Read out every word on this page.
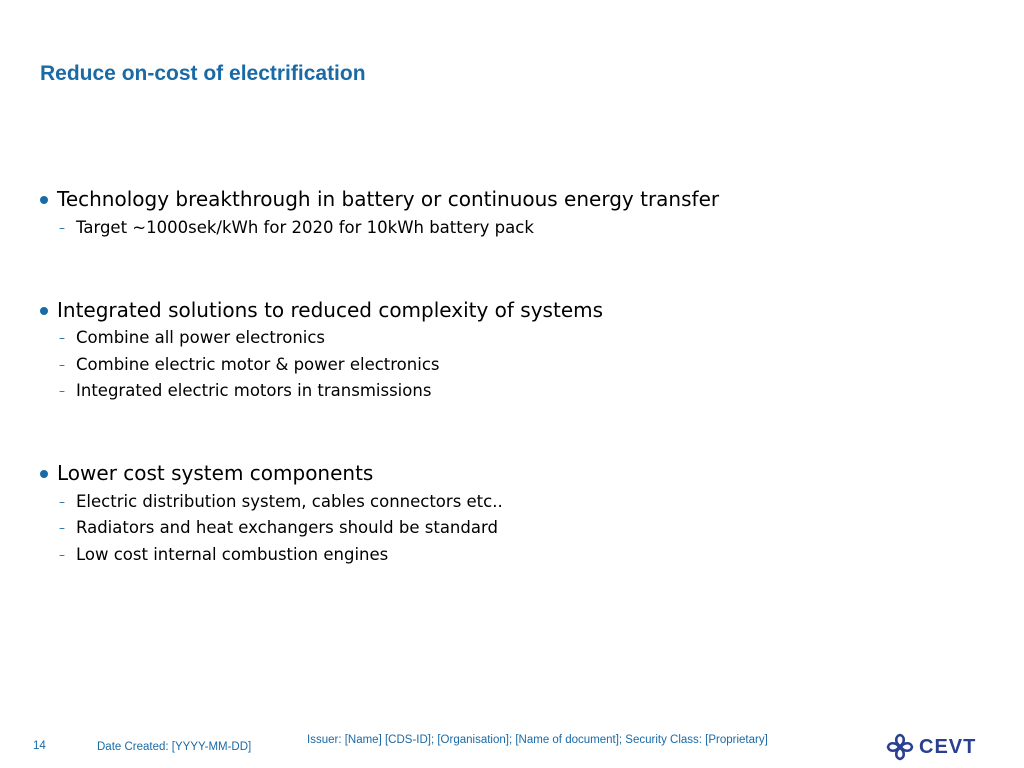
Reduce on-cost of electrification
Technology breakthrough in battery or continuous energy transfer
– Target ~1000sek/kWh for 2020 for 10kWh battery pack
Integrated solutions to reduced complexity of systems
– Combine all power electronics
– Combine electric motor & power electronics
– Integrated electric motors in transmissions
Lower cost system components
– Electric distribution system, cables connectors etc..
– Radiators and heat exchangers should be standard
– Low cost internal combustion engines
14	Date Created: [YYYY-MM-DD]
Issuer: [Name] [CDS-ID]; [Organisation]; [Name of document]; Security Class: [Proprietary]	CEVT
